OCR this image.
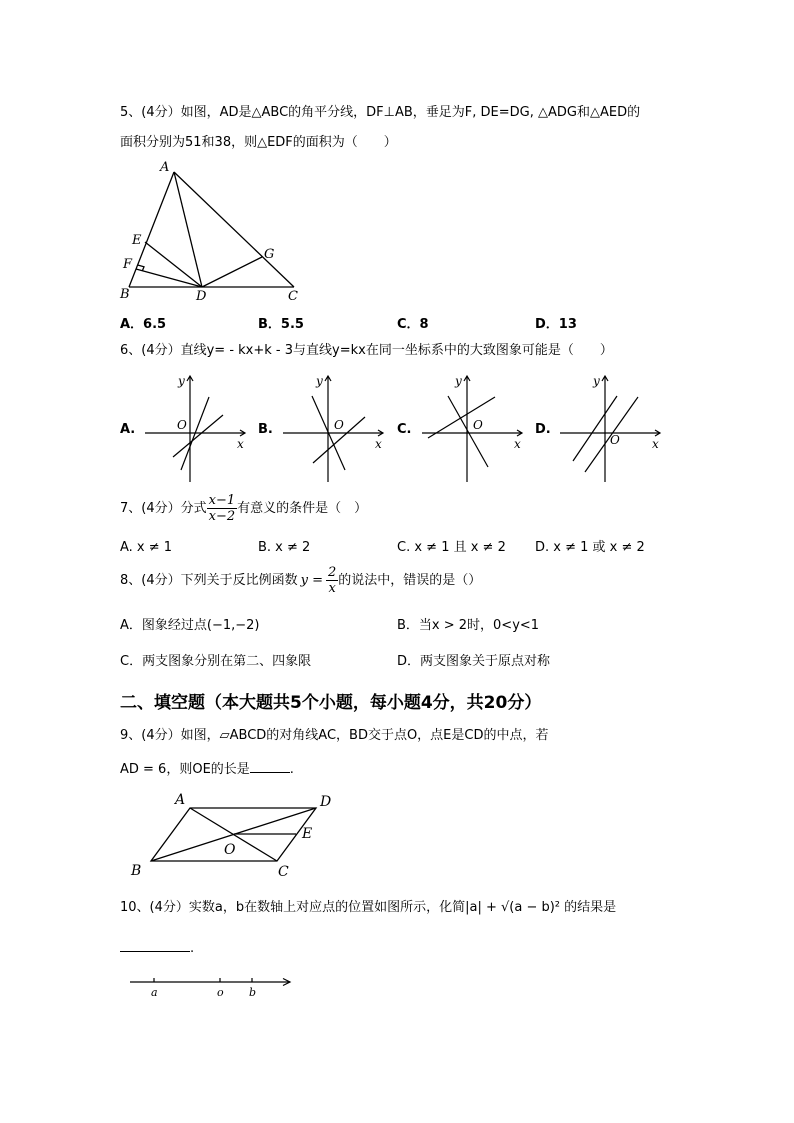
5、(4分）如图，AD是△ABC的角平分线，DF⊥AB，垂足为F, DE=DG, △ADG和△AED的
面积分别为51和38，则△EDF的面积为（　　）
A
E
F
B	D
G
C
A．6.5	B．5.5	C．8	D．13
6、(4分）直线y= - kx+k - 3与直线y=kx在同一坐标系中的大致图象可能是（　　）
A.
y
x
O	B.
y
x
O	C.
y
x
O	D.
y
x
O
7、(4分）分式 $\frac{x-1}{x-2}$ 有意义的条件是（　）
A. x ≠ 1	B. x ≠ 2	C. x ≠ 1 且 x ≠ 2 D. x ≠ 1 或 x ≠ 2
8、(4分）下列关于反比例函数 $y = \frac{2}{x}$ 的说法中，错误的是（）
A．图象经过点(−1,−2)	B．当x > 2时，0<y<1
C．两支图象分别在第二、四象限	D．两支图象关于原点对称
二、填空题（本大题共5个小题，每小题4分，共20分）
9、(4分）如图，▱ABCD的对角线AC，BD交于点O，点E是CD的中点，若
AD = 6，则OE的长是	.
A	D
E
O
B	C
10、(4分）实数a，b在数轴上对应点的位置如图所示，化简|a| + √(a − b)² 的结果是
.
a	o b
